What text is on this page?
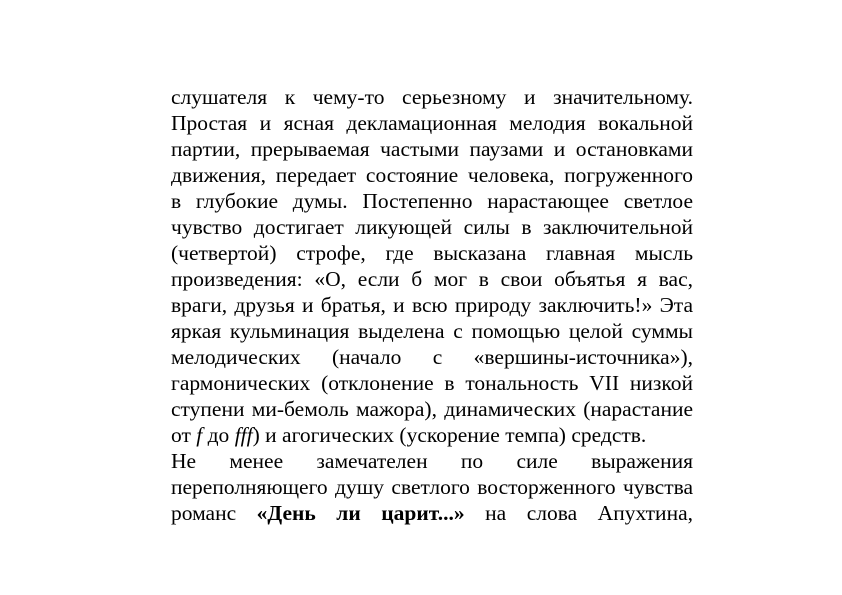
слушателя к чему-то серьезному и значительному.
Простая и ясная декламационная мелодия вокальной
партии, прерываемая частыми паузами и остановками
движения, передает состояние человека, погруженного
в глубокие думы. Постепенно нарастающее светлое
чувство достигает ликующей силы в заключительной
(четвертой) строфе, где высказана главная мысль
произведения: «О, если б мог в свои объятья я вас,
враги, друзья и братья, и всю природу заключить!» Эта
яркая кульминация выделена с помощью целой суммы
мелодических (начало с «вершины-источника»),
гармонических (отклонение в тональность VII низкой
ступени ми-бемоль мажора), динамических (нарастание
от f до fff) и агогических (ускорение темпа) средств.
Не менее замечателен по силе выражения
переполняющего душу светлого восторженного чувства
романс «День ли царит...» на слова Апухтина,
